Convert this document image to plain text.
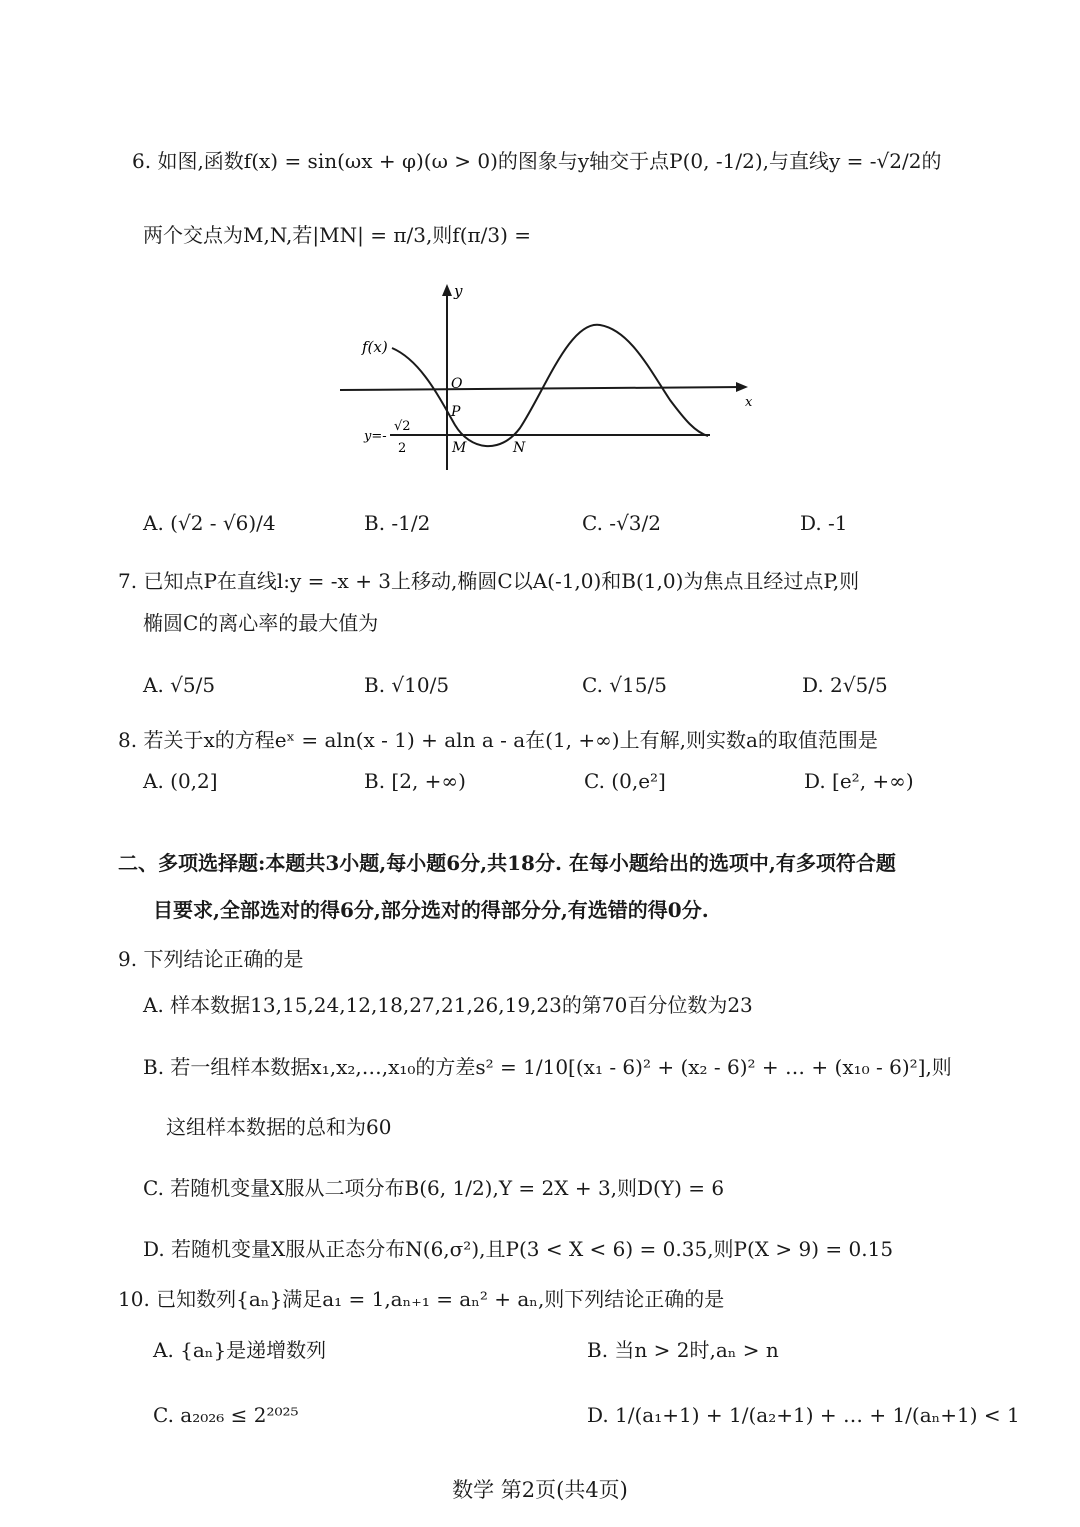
6. 如图,函数f(x) = sin(ωx + φ)(ω > 0)的图象与y轴交于点P(0, -1/2),与直线y = -√2/2的
两个交点为M,N,若|MN| = π/3,则f(π/3) =
f(x)
y
x
O
P
M	N
y=-
√2
2
A. (√2 - √6)/4	B. -1/2	C. -√3/2	D. -1
7. 已知点P在直线l:y = -x + 3上移动,椭圆C以A(-1,0)和B(1,0)为焦点且经过点P,则
椭圆C的离心率的最大值为
A. √5/5	B. √10/5	C. √15/5	D. 2√5/5
8. 若关于x的方程eˣ = aln(x - 1) + aln a - a在(1, +∞)上有解,则实数a的取值范围是
A. (0,2]	B. [2, +∞)	C. (0,e²]	D. [e², +∞)
二、多项选择题:本题共3小题,每小题6分,共18分. 在每小题给出的选项中,有多项符合题
目要求,全部选对的得6分,部分选对的得部分分,有选错的得0分.
9. 下列结论正确的是
A. 样本数据13,15,24,12,18,27,21,26,19,23的第70百分位数为23
B. 若一组样本数据x₁,x₂,…,x₁₀的方差s² = 1/10[(x₁ - 6)² + (x₂ - 6)² + … + (x₁₀ - 6)²],则
这组样本数据的总和为60
C. 若随机变量X服从二项分布B(6, 1/2),Y = 2X + 3,则D(Y) = 6
D. 若随机变量X服从正态分布N(6,σ²),且P(3 < X < 6) = 0.35,则P(X > 9) = 0.15
10. 已知数列{aₙ}满足a₁ = 1,aₙ₊₁ = aₙ² + aₙ,则下列结论正确的是
A. {aₙ}是递增数列	B. 当n > 2时,aₙ > n
C. a₂₀₂₆ ≤ 2²⁰²⁵	D. 1/(a₁+1) + 1/(a₂+1) + … + 1/(aₙ+1) < 1
数学 第2页(共4页)
